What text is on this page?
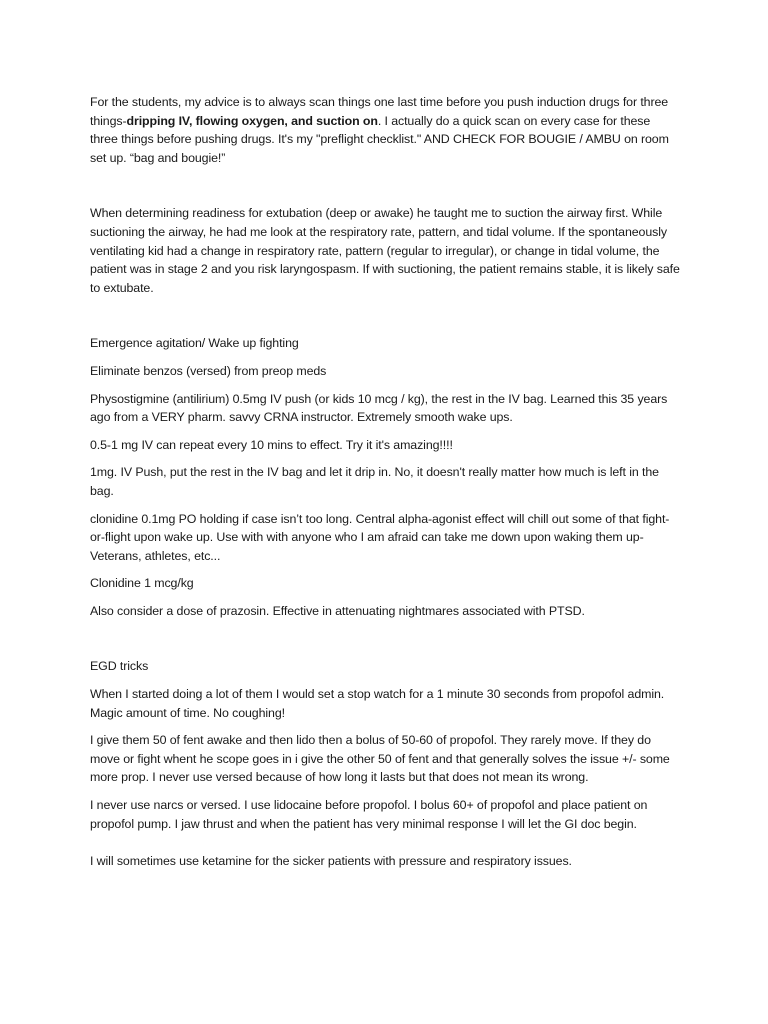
For the students, my advice is to always scan things one last time before you push induction drugs for three things-dripping IV, flowing oxygen, and suction on. I actually do a quick scan on every case for these three things before pushing drugs. It's my "preflight checklist." AND CHECK FOR BOUGIE / AMBU on room set up. “bag and bougie!”

When determining readiness for extubation (deep or awake) he taught me to suction the airway first. While suctioning the airway, he had me look at the respiratory rate, pattern, and tidal volume. If the spontaneously ventilating kid had a change in respiratory rate, pattern (regular to irregular), or change in tidal volume, the patient was in stage 2 and you risk laryngospasm. If with suctioning, the patient remains stable, it is likely safe to extubate.

Emergence agitation/ Wake up fighting

Eliminate benzos (versed) from preop meds

Physostigmine (antilirium) 0.5mg IV push (or kids 10 mcg / kg), the rest in the IV bag. Learned this 35 years ago from a VERY pharm. savvy CRNA instructor. Extremely smooth wake ups.

0.5-1 mg IV can repeat every 10 mins to effect. Try it it's amazing!!!!

1mg. IV Push, put the rest in the IV bag and let it drip in. No, it doesn't really matter how much is left in the bag.

clonidine 0.1mg PO holding if case isn’t too long. Central alpha-agonist effect will chill out some of that fight-or-flight upon wake up. Use with with anyone who I am afraid can take me down upon waking them up- Veterans, athletes, etc...

Clonidine 1 mcg/kg

Also consider a dose of prazosin. Effective in attenuating nightmares associated with PTSD.

EGD tricks

When I started doing a lot of them I would set a stop watch for a 1 minute 30 seconds from propofol admin. Magic amount of time. No coughing!

I give them 50 of fent awake and then lido then a bolus of 50-60 of propofol. They rarely move. If they do move or fight whent he scope goes in i give the other 50 of fent and that generally solves the issue +/- some more prop. I never use versed because of how long it lasts but that does not mean its wrong.

I never use narcs or versed. I use lidocaine before propofol. I bolus 60+ of propofol and place patient on propofol pump. I jaw thrust and when the patient has very minimal response I will let the GI doc begin.

I will sometimes use ketamine for the sicker patients with pressure and respiratory issues.
